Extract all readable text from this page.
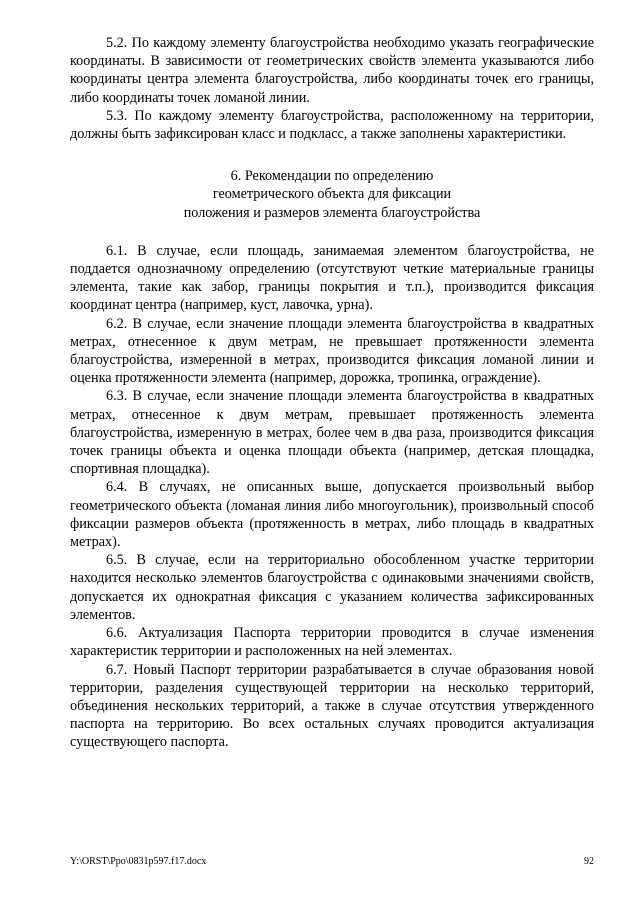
5.2. По каждому элементу благоустройства необходимо указать географические координаты. В зависимости от геометрических свойств элемента указываются либо координаты центра элемента благоустройства, либо координаты точек его границы, либо координаты точек ломаной линии.

5.3. По каждому элементу благоустройства, расположенному на территории, должны быть зафиксирован класс и подкласс, а также заполнены характеристики.

6. Рекомендации по определению
геометрического объекта для фиксации
положения и размеров элемента благоустройства

6.1. В случае, если площадь, занимаемая элементом благоустройства, не поддается однозначному определению (отсутствуют четкие материальные границы элемента, такие как забор, границы покрытия и т.п.), производится фиксация координат центра (например, куст, лавочка, урна).

6.2. В случае, если значение площади элемента благоустройства в квадратных метрах, отнесенное к двум метрам, не превышает протяженности элемента благоустройства, измеренной в метрах, производится фиксация ломаной линии и оценка протяженности элемента (например, дорожка, тропинка, ограждение).

6.3. В случае, если значение площади элемента благоустройства в квадратных метрах, отнесенное к двум метрам, превышает протяженность элемента благоустройства, измеренную в метрах, более чем в два раза, производится фиксация точек границы объекта и оценка площади объекта (например, детская площадка, спортивная площадка).

6.4. В случаях, не описанных выше, допускается произвольный выбор геометрического объекта (ломаная линия либо многоугольник), произвольный способ фиксации размеров объекта (протяженность в метрах, либо площадь в квадратных метрах).

6.5. В случае, если на территориально обособленном участке территории находится несколько элементов благоустройства с одинаковыми значениями свойств, допускается их однократная фиксация с указанием количества зафиксированных элементов.

6.6. Актуализация Паспорта территории проводится в случае изменения характеристик территории и расположенных на ней элементах.

6.7. Новый Паспорт территории разрабатывается в случае образования новой территории, разделения существующей территории на несколько территорий, объединения нескольких территорий, а также в случае отсутствия утвержденного паспорта на территорию. Во всех остальных случаях проводится актуализация существующего паспорта.

Y:\ORST\Ppo\0831p597.f17.docx	92
